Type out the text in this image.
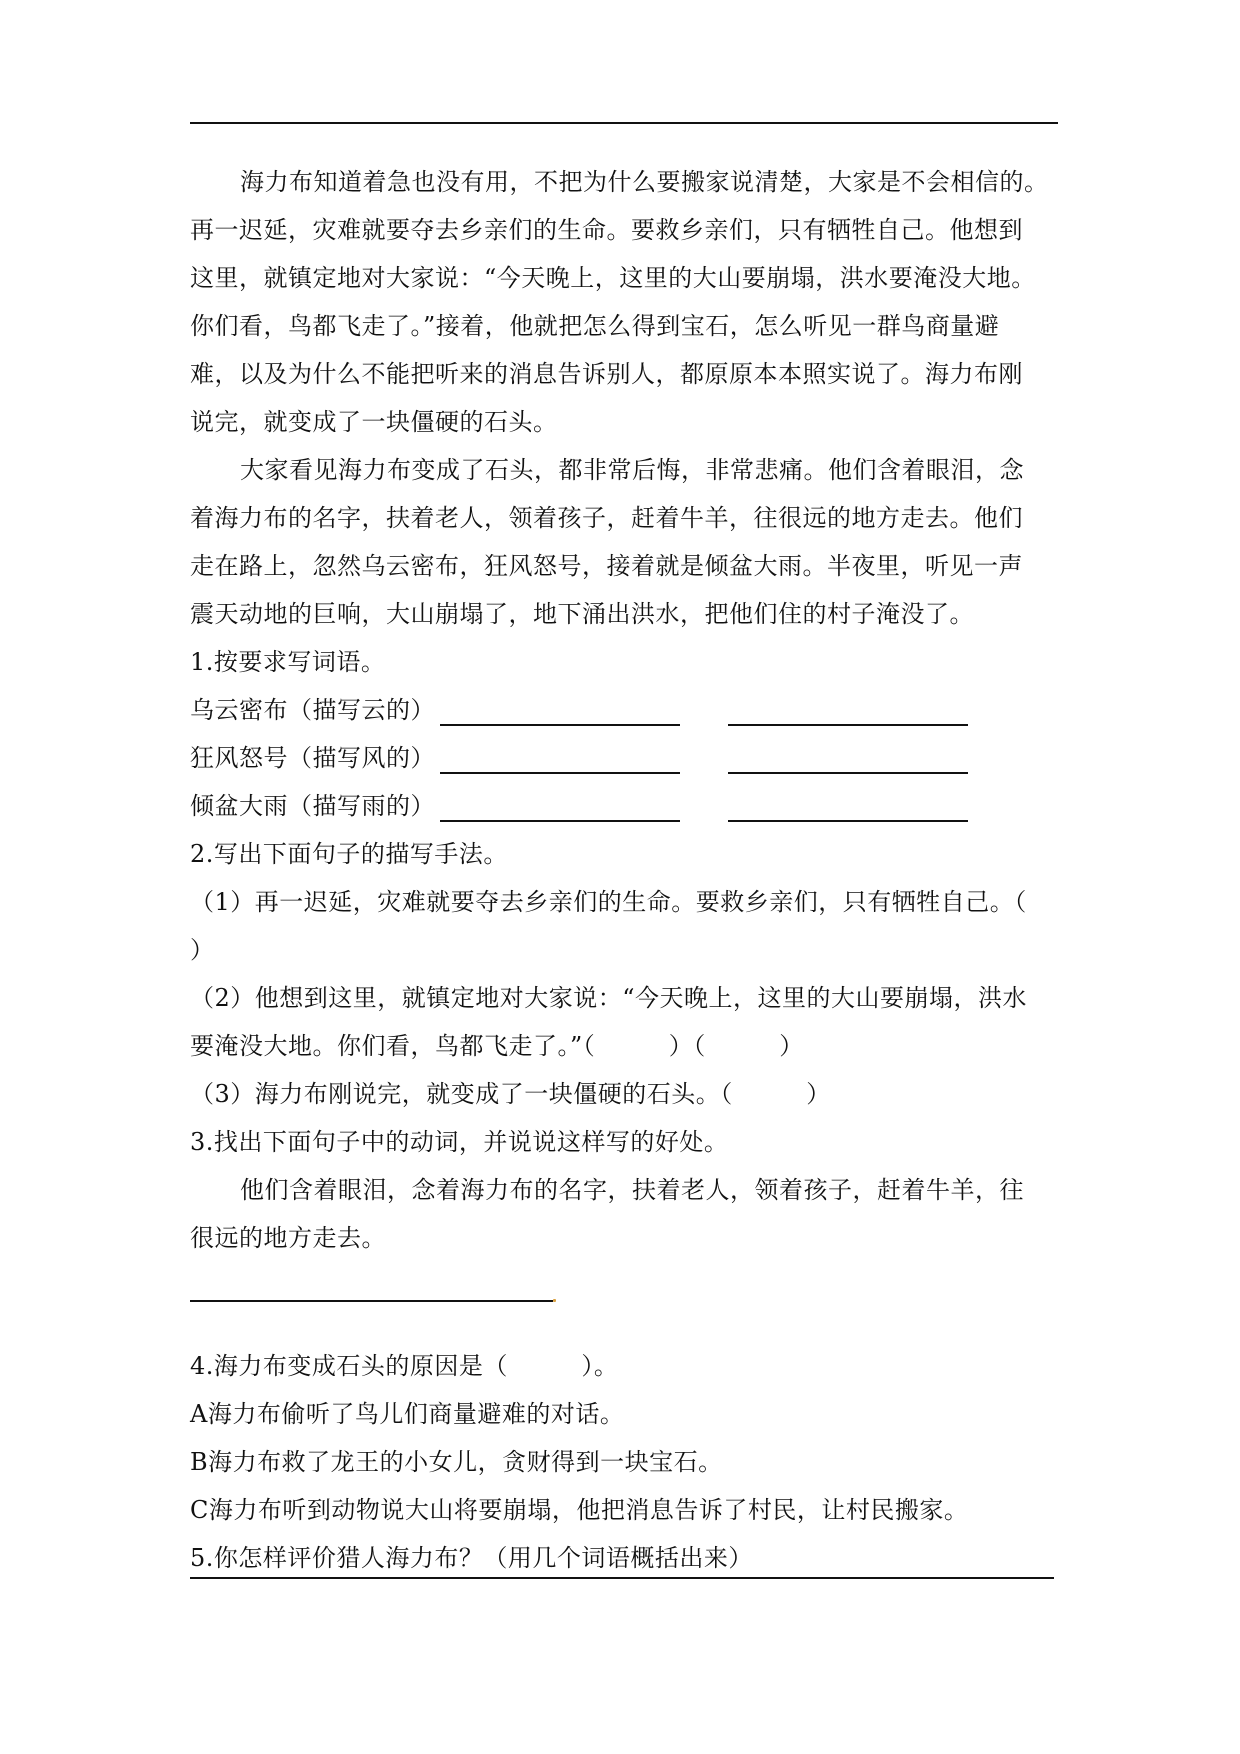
海力布知道着急也没有用，不把为什么要搬家说清楚，大家是不会相信的。
再一迟延，灾难就要夺去乡亲们的生命。要救乡亲们，只有牺牲自己。他想到
这里，就镇定地对大家说：“今天晚上，这里的大山要崩塌，洪水要淹没大地。
你们看，鸟都飞走了。”接着，他就把怎么得到宝石，怎么听见一群鸟商量避
难，以及为什么不能把听来的消息告诉别人，都原原本本照实说了。海力布刚
说完，就变成了一块僵硬的石头。
大家看见海力布变成了石头，都非常后悔，非常悲痛。他们含着眼泪，念
着海力布的名字，扶着老人，领着孩子，赶着牛羊，往很远的地方走去。他们
走在路上，忽然乌云密布，狂风怒号，接着就是倾盆大雨。半夜里，听见一声
震天动地的巨响，大山崩塌了，地下涌出洪水，把他们住的村子淹没了。
1.按要求写词语。
乌云密布（描写云的）
狂风怒号（描写风的）
倾盆大雨（描写雨的）
2.写出下面句子的描写手法。
（1）再一迟延，灾难就要夺去乡亲们的生命。要救乡亲们，只有牺牲自己。（
）
（2）他想到这里，就镇定地对大家说：“今天晚上，这里的大山要崩塌，洪水
要淹没大地。你们看，鸟都飞走了。”（　　　）（　　　）
（3）海力布刚说完，就变成了一块僵硬的石头。（　　　）
3.找出下面句子中的动词，并说说这样写的好处。
他们含着眼泪，念着海力布的名字，扶着老人，领着孩子，赶着牛羊，往
很远的地方走去。
4.海力布变成石头的原因是（　　　）。
A海力布偷听了鸟儿们商量避难的对话。
B海力布救了龙王的小女儿，贪财得到一块宝石。
C海力布听到动物说大山将要崩塌，他把消息告诉了村民，让村民搬家。
5.你怎样评价猎人海力布？（用几个词语概括出来）
